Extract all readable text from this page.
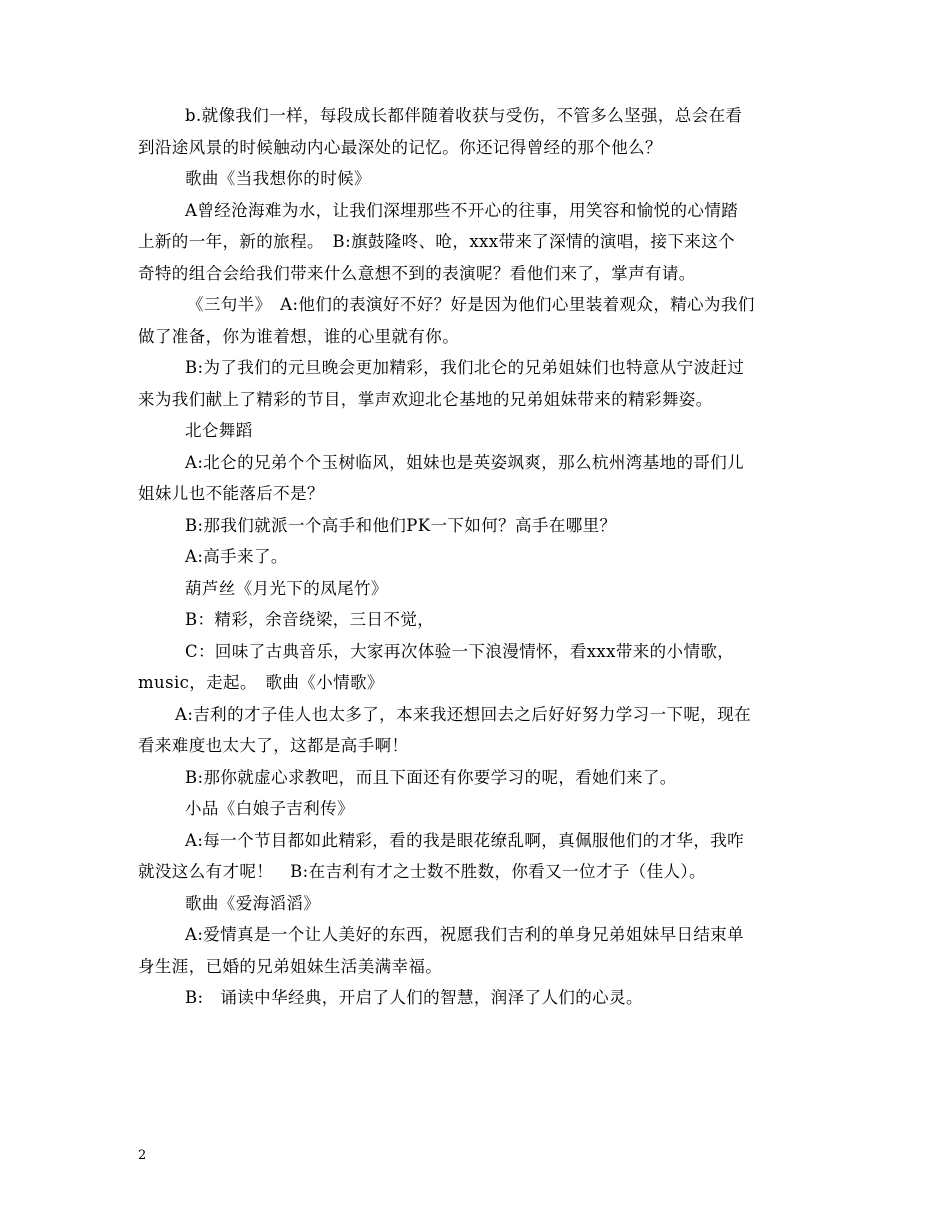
b.就像我们一样，每段成长都伴随着收获与受伤，不管多么坚强，总会在看
到沿途风景的时候触动内心最深处的记忆。你还记得曾经的那个他么？
歌曲《当我想你的时候》
A曾经沧海难为水，让我们深埋那些不开心的往事，用笑容和愉悦的心情踏
上新的一年，新的旅程。　B:旗鼓隆咚、呛，xxx带来了深情的演唱，接下来这个
奇特的组合会给我们带来什么意想不到的表演呢？看他们来了，掌声有请。
《三句半》　A:他们的表演好不好？好是因为他们心里装着观众，精心为我们
做了准备，你为谁着想，谁的心里就有你。
B:为了我们的元旦晚会更加精彩，我们北仑的兄弟姐妹们也特意从宁波赶过
来为我们献上了精彩的节目，掌声欢迎北仑基地的兄弟姐妹带来的精彩舞姿。
北仑舞蹈
A:北仑的兄弟个个玉树临风，姐妹也是英姿飒爽，那么杭州湾基地的哥们儿
姐妹儿也不能落后不是？
B:那我们就派一个高手和他们PK一下如何？高手在哪里？
A:高手来了。
葫芦丝《月光下的凤尾竹》
B：精彩，余音绕梁，三日不觉，
C：回味了古典音乐，大家再次体验一下浪漫情怀，看xxx带来的小情歌，
music，走起。　歌曲《小情歌》
A:吉利的才子佳人也太多了，本来我还想回去之后好好努力学习一下呢，现在
看来难度也太大了，这都是高手啊！
B:那你就虚心求教吧，而且下面还有你要学习的呢，看她们来了。
小品《白娘子吉利传》
A:每一个节目都如此精彩，看的我是眼花缭乱啊，真佩服他们的才华，我咋
就没这么有才呢！　B:在吉利有才之士数不胜数，你看又一位才子（佳人）。
歌曲《爱海滔滔》
A:爱情真是一个让人美好的东西，祝愿我们吉利的单身兄弟姐妹早日结束单
身生涯，已婚的兄弟姐妹生活美满幸福。
B:　诵读中华经典，开启了人们的智慧，润泽了人们的心灵。
2
